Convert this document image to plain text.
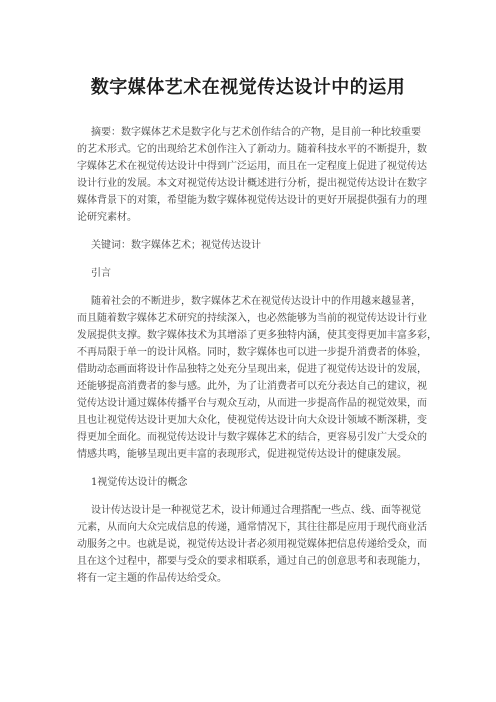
数字媒体艺术在视觉传达设计中的运用
摘要：数字媒体艺术是数字化与艺术创作结合的产物，是目前一种比较重要
的艺术形式。它的出现给艺术创作注入了新动力。随着科技水平的不断提升，数
字媒体艺术在视觉传达设计中得到广泛运用，而且在一定程度上促进了视觉传达
设计行业的发展。本文对视觉传达设计概述进行分析，提出视觉传达设计在数字
媒体背景下的对策，希望能为数字媒体视觉传达设计的更好开展提供强有力的理
论研究素材。
关键词：数字媒体艺术；视觉传达设计
引言
随着社会的不断进步，数字媒体艺术在视觉传达设计中的作用越来越显著，
而且随着数字媒体艺术研究的持续深入，也必然能够为当前的视觉传达设计行业
发展提供支撑。数字媒体技术为其增添了更多独特内涵，使其变得更加丰富多彩，
不再局限于单一的设计风格。同时，数字媒体也可以进一步提升消费者的体验，
借助动态画面将设计作品独特之处充分呈现出来，促进了视觉传达设计的发展，
还能够提高消费者的参与感。此外，为了让消费者可以充分表达自己的建议，视
觉传达设计通过媒体传播平台与观众互动，从而进一步提高作品的视觉效果，而
且也让视觉传达设计更加大众化，使视觉传达设计向大众设计领域不断深耕，变
得更加全面化。而视觉传达设计与数字媒体艺术的结合，更容易引发广大受众的
情感共鸣，能够呈现出更丰富的表现形式，促进视觉传达设计的健康发展。
1视觉传达设计的概念
设计传达设计是一种视觉艺术，设计师通过合理搭配一些点、线、面等视觉
元素，从而向大众完成信息的传递，通常情况下，其往往都是应用于现代商业活
动服务之中。也就是说，视觉传达设计者必须用视觉媒体把信息传递给受众，而
且在这个过程中，都要与受众的要求相联系，通过自己的创意思考和表现能力，
将有一定主题的作品传达给受众。
